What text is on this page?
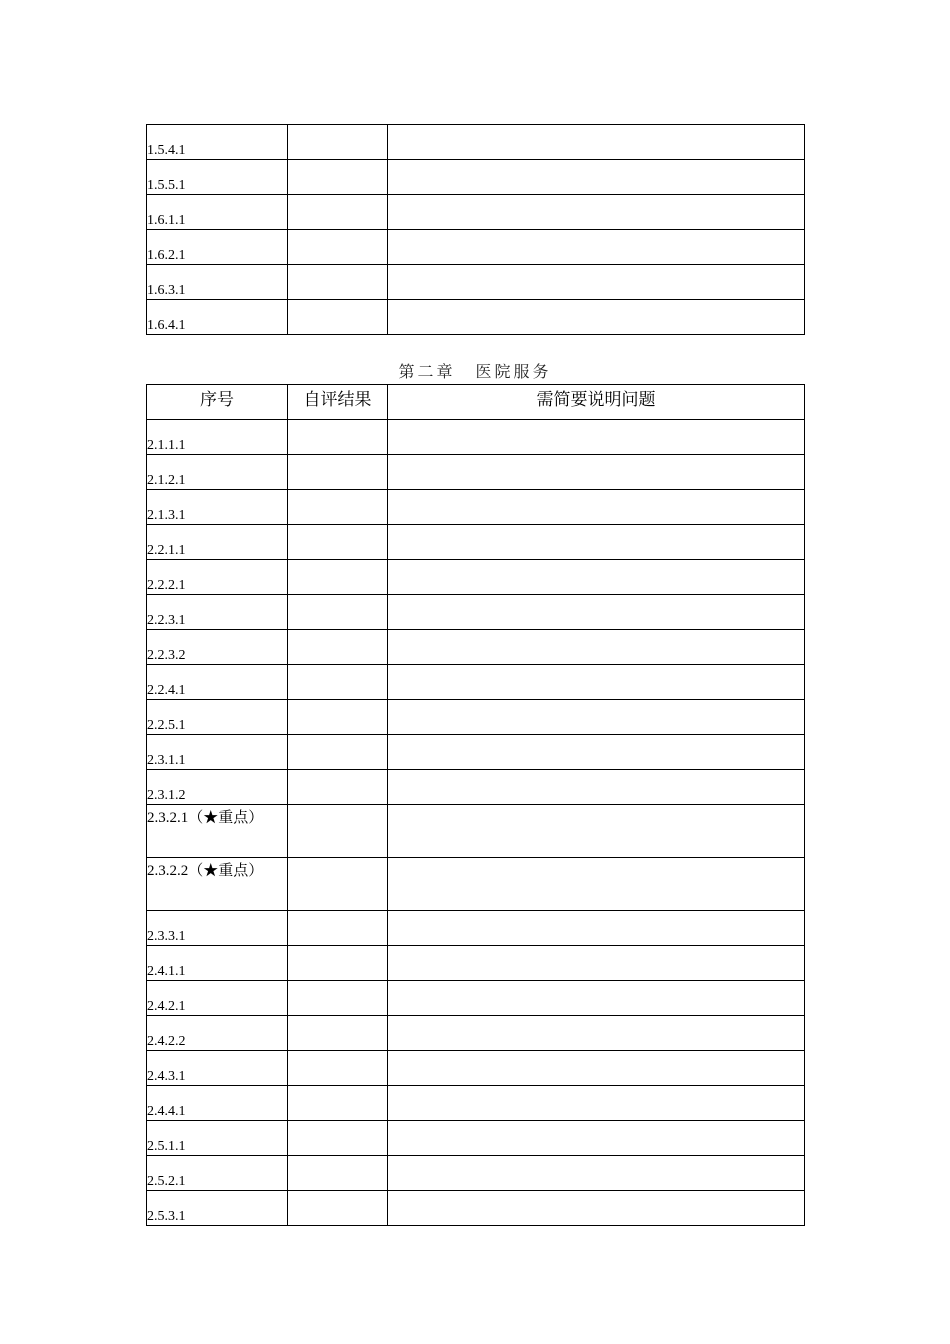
1.5.4.1		
1.5.5.1		
1.6.1.1		
1.6.2.1		
1.6.3.1		
1.6.4.1		
第二章 医院服务
序号	自评结果	需简要说明问题
2.1.1.1		
2.1.2.1		
2.1.3.1		
2.2.1.1		
2.2.2.1		
2.2.3.1		
2.2.3.2		
2.2.4.1		
2.2.5.1		
2.3.1.1		
2.3.1.2		
2.3.2.1（★重点）		
2.3.2.2（★重点）		
2.3.3.1		
2.4.1.1		
2.4.2.1		
2.4.2.2		
2.4.3.1		
2.4.4.1		
2.5.1.1		
2.5.2.1		
2.5.3.1		
